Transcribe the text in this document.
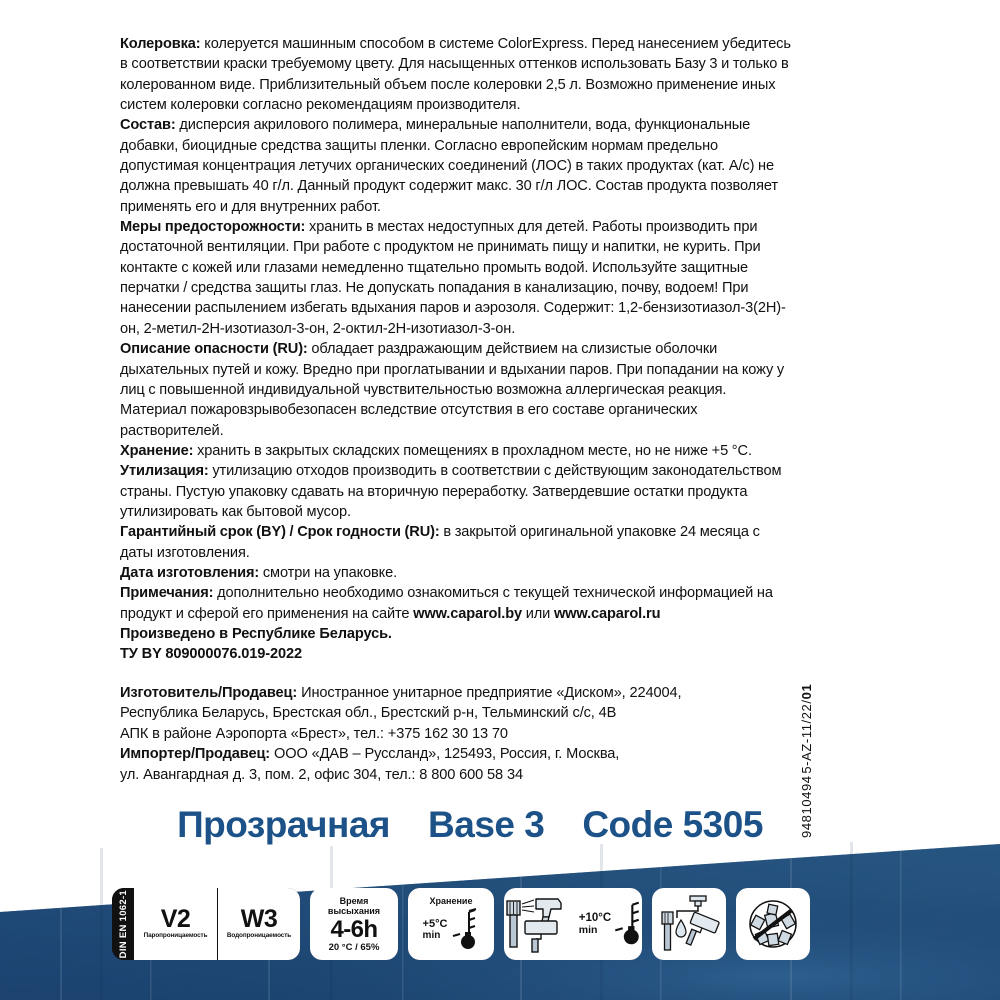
Колеровка: колеруется машинным способом в системе ColorExpress. Перед нанесением убедитесь в соответствии краски требуемому цвету. Для насыщенных оттенков использовать Базу 3 и только в колерованном виде. Приблизительный объем после колеровки 2,5 л. Возможно применение иных систем колеровки согласно рекомендациям производителя.

Состав: дисперсия акрилового полимера, минеральные наполнители, вода, функциональные добавки, биоцидные средства защиты пленки. Согласно европейским нормам предельно допустимая концентрация летучих органических соединений (ЛОС) в таких продуктах (кат. A/c) не должна превышать 40 г/л. Данный продукт содержит макс. 30 г/л ЛОС. Состав продукта позволяет применять его и для внутренних работ.

Меры предосторожности: хранить в местах недоступных для детей. Работы производить при достаточной вентиляции. При работе с продуктом не принимать пищу и напитки, не курить. При контакте с кожей или глазами немедленно тщательно промыть водой. Используйте защитные перчатки / средства защиты глаз. Не допускать попадания в канализацию, почву, водоем! При нанесении распылением избегать вдыхания паров и аэрозоля. Содержит: 1,2-бензизотиазол-3(2Н)-он, 2-метил-2Н-изотиазол-3-он, 2-октил-2Н-изотиазол-3-он.

Описание опасности (RU): обладает раздражающим действием на слизистые оболочки дыхательных путей и кожу. Вредно при проглатывании и вдыхании паров. При попадании на кожу у лиц с повышенной индивидуальной чувствительностью возможна аллергическая реакция. Материал пожаровзрывобезопасен вследствие отсутствия в его составе органических растворителей.

Хранение: хранить в закрытых складских помещениях в прохладном месте, но не ниже +5 °C.

Утилизация: утилизацию отходов производить в соответствии с действующим законодательством страны. Пустую упаковку сдавать на вторичную переработку. Затвердевшие остатки продукта утилизировать как бытовой мусор.

Гарантийный срок (BY) / Срок годности (RU): в закрытой оригинальной упаковке 24 месяца с даты изготовления.

Дата изготовления: смотри на упаковке.

Примечания: дополнительно необходимо ознакомиться с текущей технической информацией на продукт и сферой его применения на сайте www.caparol.by или www.caparol.ru

Произведено в Республике Беларусь.
ТУ BY 809000076.019-2022
Изготовитель/Продавец: Иностранное унитарное предприятие «Диском», 224004,
Республика Беларусь, Брестская обл., Брестский р-н, Тельминский с/с, 4В
АПК в районе Аэропорта «Брест», тел.: +375 162 30 13 70
Импортер/Продавец: ООО «ДАВ – Руссланд», 125493, Россия, г. Москва,
ул. Авангардная д. 3, пом. 2, офис 304, тел.: 8 800 600 58 34	94810494 5-AZ-11/22/01
Прозрачная Base 3 Code 5305
DIN EN 1062-1 V2
Паропроницаемость
W3
Водопроницаемость
Время
высыхания
4-6h
20 °C / 65%
Хранение
+5°C
min
+10°C
min
